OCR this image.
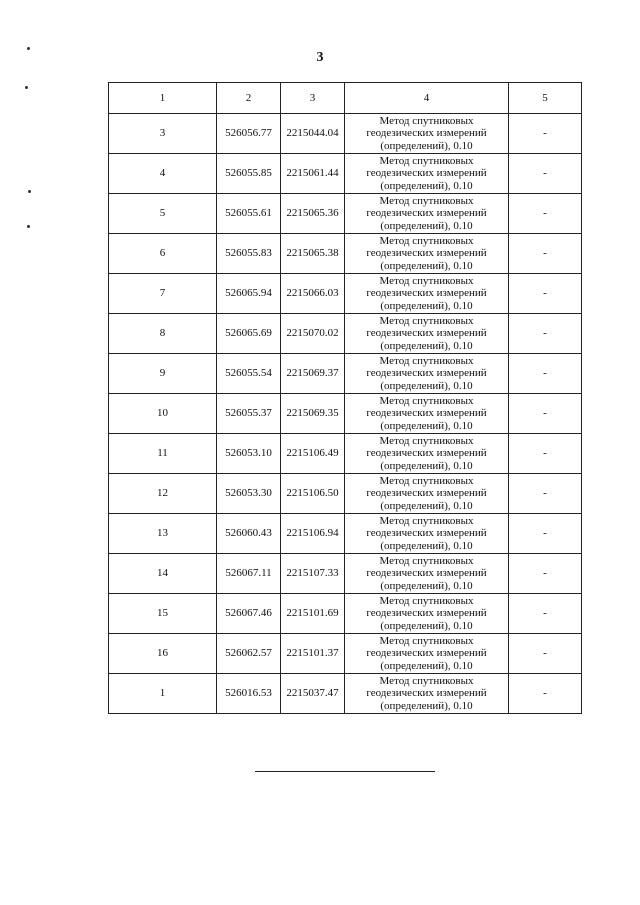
3
1	2	3	4	5
3	526056.77	2215044.04	Метод спутниковых
геодезических измерений
(определений), 0.10	-
4	526055.85	2215061.44	Метод спутниковых
геодезических измерений
(определений), 0.10	-
5	526055.61	2215065.36	Метод спутниковых
геодезических измерений
(определений), 0.10	-
6	526055.83	2215065.38	Метод спутниковых
геодезических измерений
(определений), 0.10	-
7	526065.94	2215066.03	Метод спутниковых
геодезических измерений
(определений), 0.10	-
8	526065.69	2215070.02	Метод спутниковых
геодезических измерений
(определений), 0.10	-
9	526055.54	2215069.37	Метод спутниковых
геодезических измерений
(определений), 0.10	-
10	526055.37	2215069.35	Метод спутниковых
геодезических измерений
(определений), 0.10	-
11	526053.10	2215106.49	Метод спутниковых
геодезических измерений
(определений), 0.10	-
12	526053.30	2215106.50	Метод спутниковых
геодезических измерений
(определений), 0.10	-
13	526060.43	2215106.94	Метод спутниковых
геодезических измерений
(определений), 0.10	-
14	526067.11	2215107.33	Метод спутниковых
геодезических измерений
(определений), 0.10	-
15	526067.46	2215101.69	Метод спутниковых
геодезических измерений
(определений), 0.10	-
16	526062.57	2215101.37	Метод спутниковых
геодезических измерений
(определений), 0.10	-
1	526016.53	2215037.47	Метод спутниковых
геодезических измерений
(определений), 0.10	-
